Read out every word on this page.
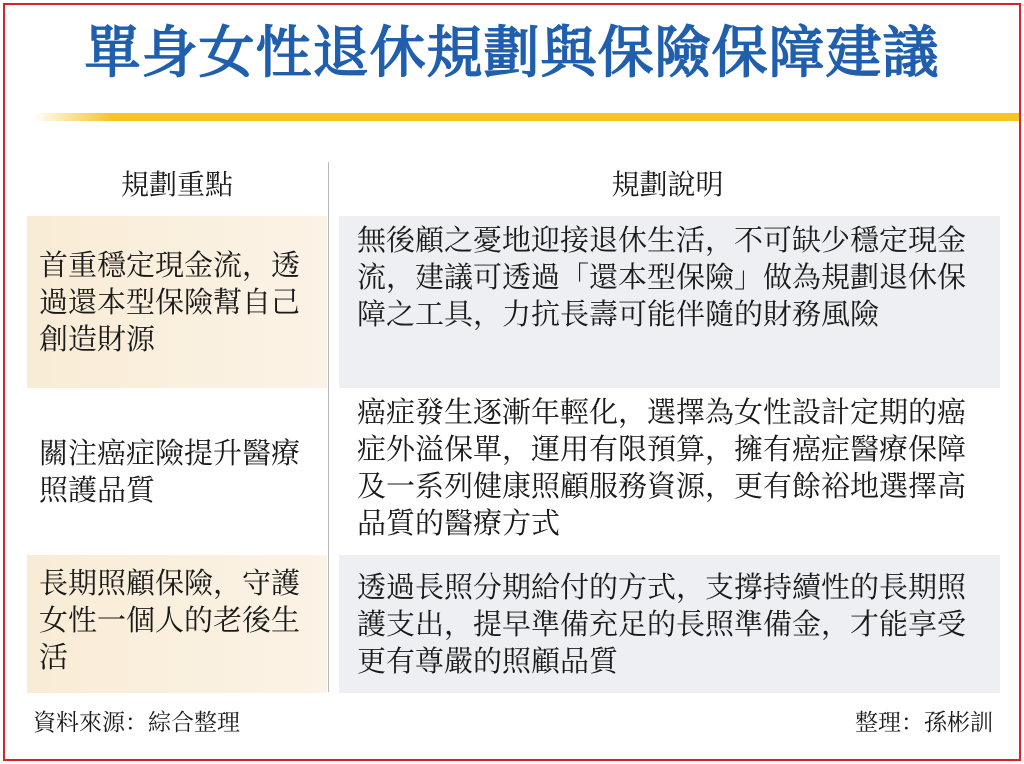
單身女性退休規劃與保險保障建議
規劃重點	規劃說明
首重穩定現金流，透過還本型保險幫自己創造財源
無後顧之憂地迎接退休生活，不可缺少穩定現金流，建議可透過「還本型保險」做為規劃退休保障之工具，力抗長壽可能伴隨的財務風險
關注癌症險提升醫療照護品質
癌症發生逐漸年輕化，選擇為女性設計定期的癌症外溢保單，運用有限預算，擁有癌症醫療保障及一系列健康照顧服務資源，更有餘裕地選擇高品質的醫療方式
長期照顧保險，守護女性一個人的老後生活
透過長照分期給付的方式，支撐持續性的長期照護支出，提早準備充足的長照準備金，才能享受更有尊嚴的照顧品質
資料來源：綜合整理	整理：孫彬訓
